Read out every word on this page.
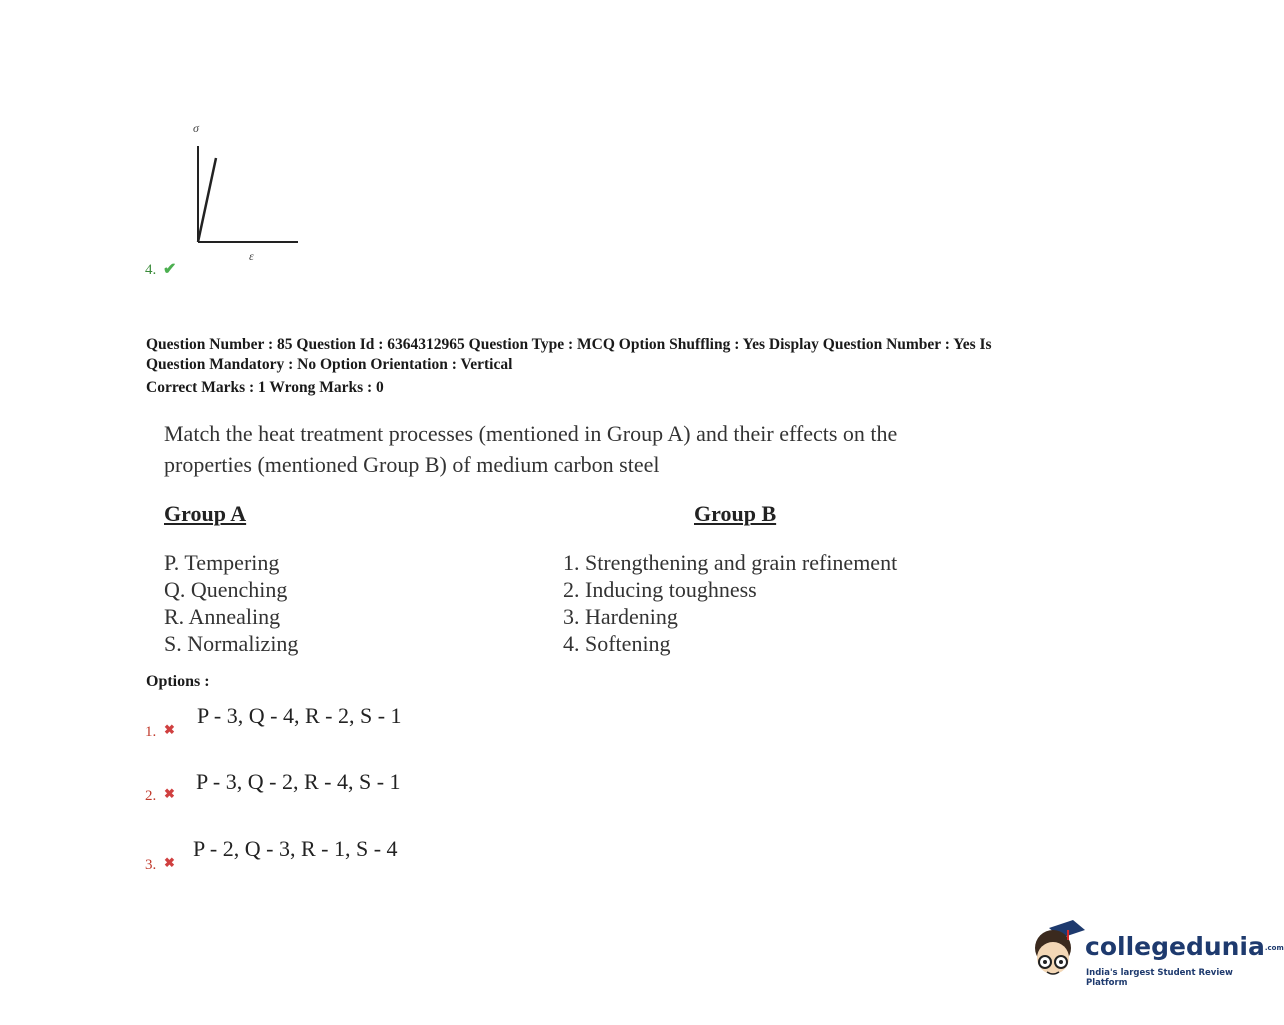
σ
ε
4. ✔
Question Number : 85 Question Id : 6364312965 Question Type : MCQ Option Shuffling : Yes Display Question Number : Yes Is
Question Mandatory : No Option Orientation : Vertical
Correct Marks : 1 Wrong Marks : 0
Match the heat treatment processes (mentioned in Group A) and their effects on the
properties (mentioned Group B) of medium carbon steel
Group A	Group B
P. Tempering
Q. Quenching
R. Annealing
S. Normalizing
1. Strengthening and grain refinement
2. Inducing toughness
3. Hardening
4. Softening
Options :
1. ✖
P - 3, Q - 4, R - 2, S - 1
2. ✖ P - 3, Q - 2, R - 4, S - 1
3. ✖
P - 2, Q - 3, R - 1, S - 4
collegedunia.com
India's largest Student Review Platform
